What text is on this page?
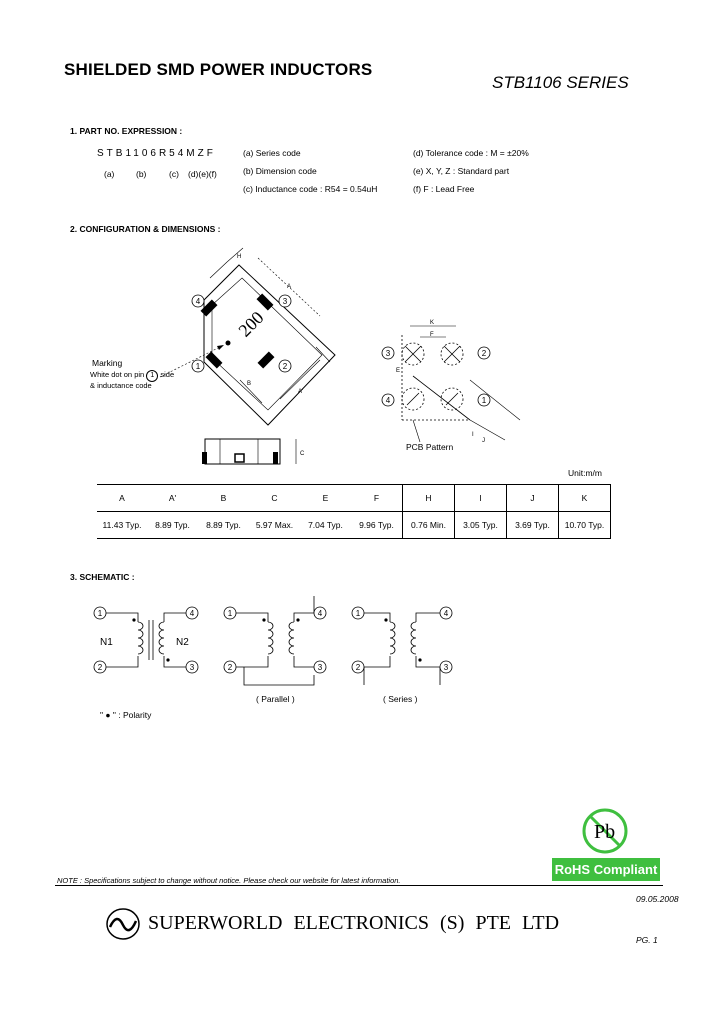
SHIELDED SMD POWER INDUCTORS
STB1106 SERIES
1. PART NO. EXPRESSION :
STB1106R54MZF
(a)	(b)	(c) (d)(e)(f)
(a) Series code
(b) Dimension code
(c) Inductance code : R54 = 0.54uH
(d) Tolerance code : M = ±20%
(e) X, Y, Z : Standard part
(f) F : Lead Free
2. CONFIGURATION & DIMENSIONS :
200
4	3
1	2
H
A
B
A'
Marking
White dot on pin 1 side
& inductance code
C
3	2
4	1
K
F
I
J
E
PCB Pattern
Unit:m/m
A	A'	B	C	E	F	H	I	J	K
11.43 Typ.	8.89 Typ.	8.89 Typ.	5.97 Max.	7.04 Typ.	9.96 Typ.	0.76 Min.	3.05 Typ.	3.69 Typ.	10.70 Typ.
3. SCHEMATIC :
1	4
2	3
1	4
2	3
1	4
2	3
N1	N2
( Parallel )	( Series )
" ● " : Polarity
Pb
RoHS Compliant
NOTE : Specifications subject to change without notice. Please check our website for latest information.
09.05.2008
SUPERWORLD ELECTRONICS (S) PTE LTD
PG. 1
